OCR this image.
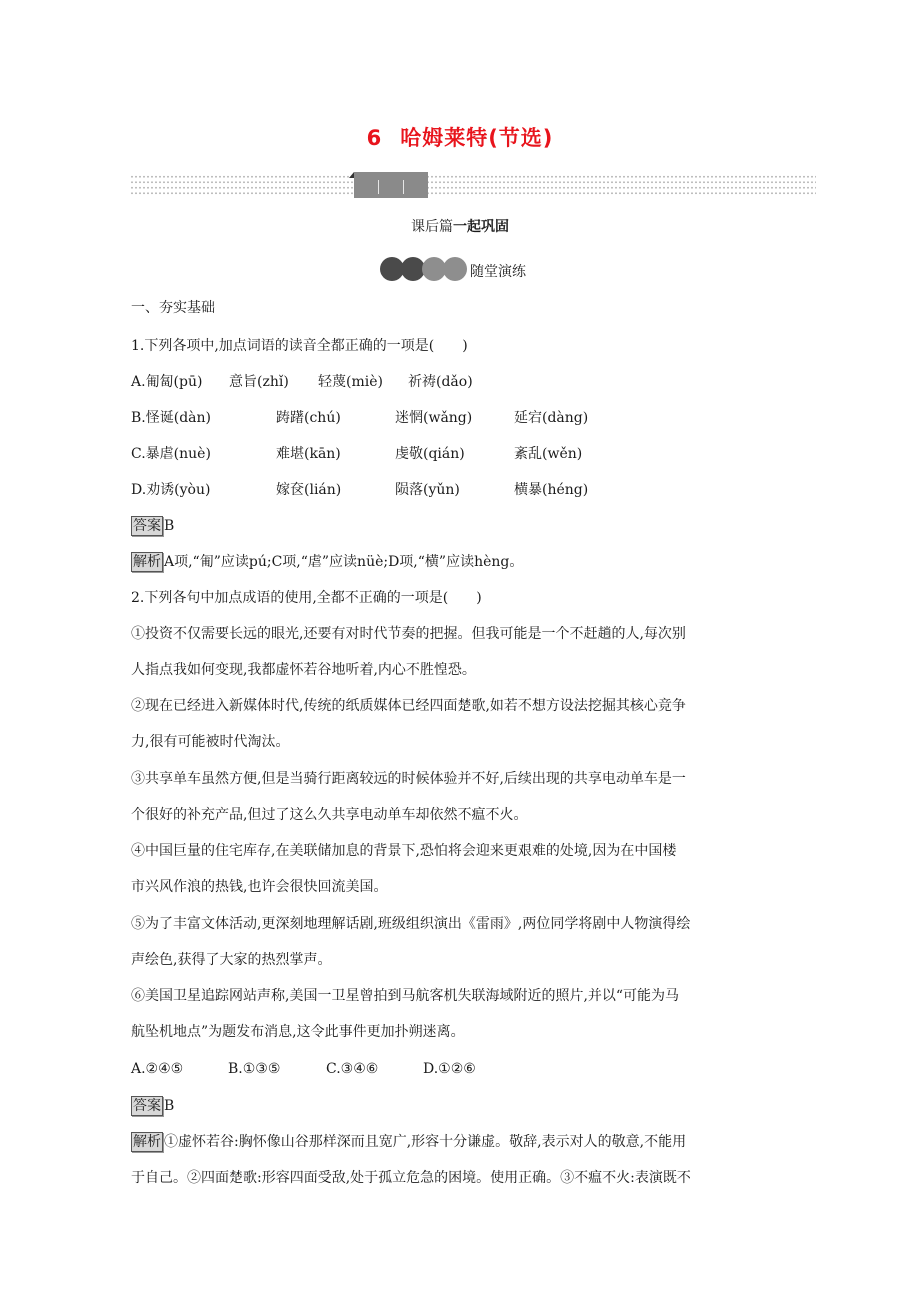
6 哈姆莱特(节选)
课后篇一起巩固
随堂演练
一、夯实基础
1.下列各项中,加点词语的读音全都正确的一项是(　　)
A.匍匐(pū) 意旨(zhǐ) 轻蔑(miè) 祈祷(dǎo)
B.怪诞(dàn)	踌躇(chú)	迷惘(wǎng)	延宕(dàng)
C.暴虐(nuè)	难堪(kān)	虔敬(qián)	紊乱(wěn)
D.劝诱(yòu)	嫁奁(lián)	陨落(yǔn)	横暴(héng)
答案 B
解析 A项,“匍”应读pú;C项,“虐”应读nüè;D项,“横”应读hèng。
2.下列各句中加点成语的使用,全都不正确的一项是(　　)
①投资不仅需要长远的眼光,还要有对时代节奏的把握。但我可能是一个不赶趟的人,每次别
人指点我如何变现,我都虚怀若谷地听着,内心不胜惶恐。
②现在已经进入新媒体时代,传统的纸质媒体已经四面楚歌,如若不想方设法挖掘其核心竞争
力,很有可能被时代淘汰。
③共享单车虽然方便,但是当骑行距离较远的时候体验并不好,后续出现的共享电动单车是一
个很好的补充产品,但过了这么久共享电动单车却依然不瘟不火。
④中国巨量的住宅库存,在美联储加息的背景下,恐怕将会迎来更艰难的处境,因为在中国楼
市兴风作浪的热钱,也许会很快回流美国。
⑤为了丰富文体活动,更深刻地理解话剧,班级组织演出《雷雨》,两位同学将剧中人物演得绘
声绘色,获得了大家的热烈掌声。
⑥美国卫星追踪网站声称,美国一卫星曾拍到马航客机失联海域附近的照片,并以“可能为马
航坠机地点”为题发布消息,这令此事件更加扑朔迷离。
A.②④⑤	B.①③⑤	C.③④⑥	D.①②⑥
答案 B
解析 ①虚怀若谷:胸怀像山谷那样深而且宽广,形容十分谦虚。敬辞,表示对人的敬意,不能用
于自己。②四面楚歌:形容四面受敌,处于孤立危急的困境。使用正确。③不瘟不火:表演既不
